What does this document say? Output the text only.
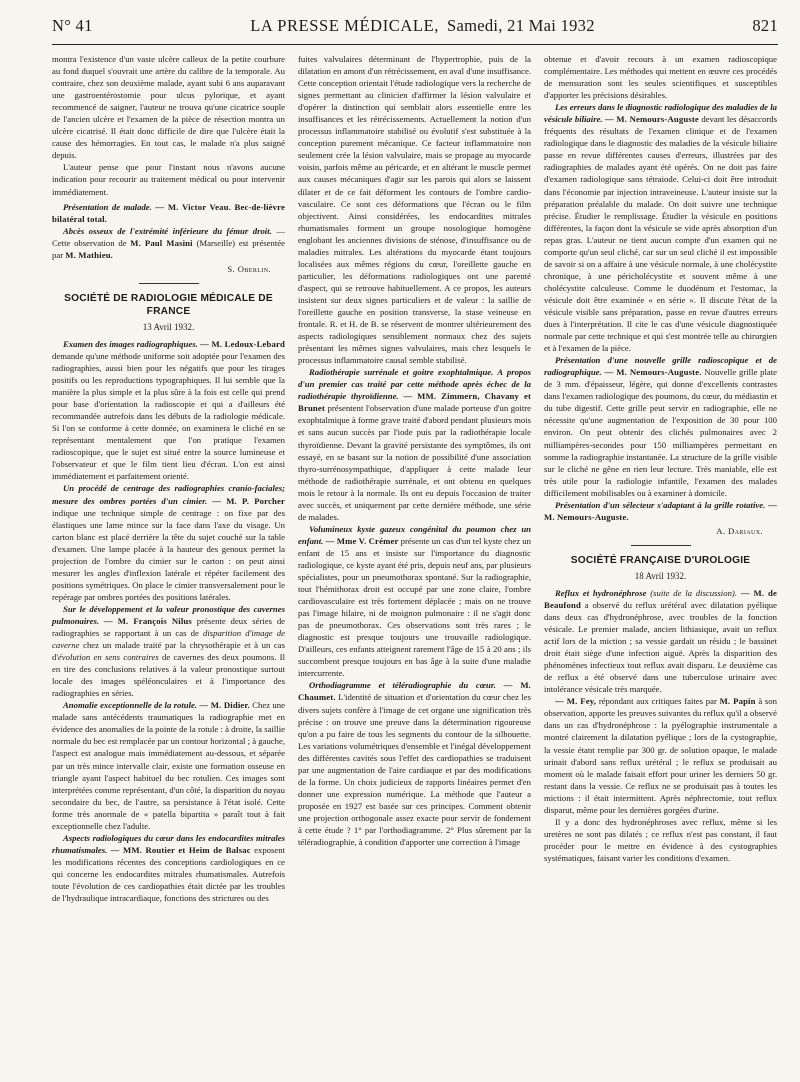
N° 41	LA PRESSE MÉDICALE, Samedi, 21 Mai 1932	821

montra l'existence d'un vaste ulcère calleux de la petite courbure au fond duquel s'ouvrait une artère du calibre de la temporale. Au contraire, chez son deuxième malade, ayant subi 6 ans auparavant une gastroentérostomie pour ulcus pylorique, et ayant recommencé de saigner, l'auteur ne trouva qu'une cicatrice souple de l'ancien ulcère et l'examen de la pièce de résection montra un ulcère cicatrisé. Il était donc difficile de dire que l'ulcère était la cause des hémorragies. En tout cas, le malade n'a plus saigné depuis.

L'auteur pense que pour l'instant nous n'avons aucune indication pour recourir au traitement médical ou pour intervenir immédiatement.

Présentation de malade. — M. Victor Veau. Bec-de-lièvre bilatéral total.

Abcès osseux de l'extrémité inférieure du fémur droit. — Cette observation de M. Paul Masini (Marseille) est présentée par M. Mathieu.

S. Oberlin.
SOCIÉTÉ DE RADIOLOGIE MÉDICALE DE FRANCE
13 Avril 1932.

Examen des images radiographiques. — M. Ledoux-Lebard demande qu'une méthode uniforme soit adoptée pour l'examen des radiographies, aussi bien pour les négatifs que pour les tirages positifs ou les reproductions typographiques. Il lui semble que la manière la plus simple et la plus sûre à la fois est celle qui prend pour base d'orientation la radioscopie et qui a d'ailleurs été recommandée autrefois dans les débuts de la radiologie médicale. Si l'on se conforme à cette donnée, on examinera le cliché en se représentant mentalement que l'on pratique l'examen radioscopique, que le sujet est situé entre la source lumineuse et l'observateur et que le film tient lieu d'écran. L'on est ainsi immédiatement et parfaitement orienté.

Un procédé de centrage des radiographies cranio-faciales; mesure des ombres portées d'un cimier. — M. P. Porcher indique une technique simple de centrage : on fixe par des élastiques une lame mince sur la face dans l'axe du visage. Un carton blanc est placé derrière la tête du sujet couché sur la table d'examen. Une lampe placée à la hauteur des genoux permet la projection de l'ombre du cimier sur le carton : on peut ainsi mesurer les angles d'inflexion latérale et répéter facilement des positions symétriques. On place le cimier transversalement pour le repérage par ombres portées des positions latérales.

Sur le développement et la valeur pronostique des cavernes pulmonaires. — M. François Nilus présente deux séries de radiographies se rapportant à un cas de disparition d'image de caverne chez un malade traité par la chrysothérapie et à un cas d'évolution en sens contraires de cavernes des deux poumons. Il en tire des conclusions relatives à la valeur pronostique surtout locale des images spéléonculaires et à l'importance des radiographies en séries.

Anomalie exceptionnelle de la rotule. — M. Didier. Chez une malade sans antécédents traumatiques la radiographie met en évidence des anomalies de la pointe de la rotule : à droite, la saillie normale du bec est remplacée par un contour horizontal ; à gauche, l'aspect est analogue mais immédiatement au-dessous, et séparée par un très mince intervalle clair, existe une formation osseuse en triangle ayant l'aspect habituel du bec rotulien. Ces images sont interprétées comme représentant, d'un côté, la disparition du noyau secondaire du bec, de l'autre, sa persistance à l'état isolé. Cette forme très anormale de « patella bipartita » paraît tout à fait exceptionnelle chez l'adulte.

Aspects radiologiques du cœur dans les endocardites mitrales rhumatismales. — MM. Routier et Heim de Balsac exposent les modifications récentes des conceptions cardiologiques en ce qui concerne les endocardites mitrales rhumatismales. Autrefois toute l'évolution de ces cardiopathies était dictée par les troubles de l'hydraulique intracardiaque, fonctions des strictures ou des

fuites valvulaires déterminant de l'hypertrophie, puis de la dilatation en amont d'un rétrécissement, en aval d'une insuffisance. Cette conception orientait l'étude radiologique vers la recherche de signes permettant au clinicien d'affirmer la lésion valvulaire et d'opérer la distinction qui semblait alors essentielle entre les insuffisances et les rétrécissements. Actuellement la notion d'un processus inflammatoire stabilisé ou évolutif s'est substituée à la conception purement mécanique. Ce facteur inflammatoire non seulement crée la lésion valvulaire, mais se propage au myocarde voisin, parfois même au péricarde, et en altérant le muscle permet aux causes mécaniques d'agir sur les parois qui alors se laissent dilater et de ce fait déforment les contours de l'ombre cardio-vasculaire. Ce sont ces déformations que l'écran ou le film objectivent. Ainsi considérées, les endocardites mitrales rhumatismales forment un groupe nosologique homogène englobant les anciennes divisions de sténose, d'insuffisance ou de maladies mitrales. Les altérations du myocarde étant toujours localisées aux mêmes régions du cœur, l'oreillette gauche en particulier, les déformations radiologiques ont une parenté d'aspect, qui se retrouve habituellement. A ce propos, les auteurs insistent sur deux signes particuliers et de valeur : la saillie de l'oreillette gauche en position transverse, la stase veineuse en frontale. R. et H. de B. se réservent de montrer ultérieurement des aspects radiologiques sensiblement normaux chez des sujets présentant les mêmes signes valvulaires, mais chez lesquels le processus inflammatoire causal semble stabilisé.

Radiothérapie surrénale et goitre exophtalmique. A propos d'un premier cas traité par cette méthode après échec de la radiothérapie thyroïdienne. — MM. Zimmern, Chavany et Brunet présentent l'observation d'une malade porteuse d'un goitre exophtalmique à forme grave traité d'abord pendant plusieurs mois et sans aucun succès par l'iode puis par la radiothérapie locale thyroïdienne. Devant la gravité persistante des symptômes, ils ont essayé, en se basant sur la notion de possibilité d'une association thyro-surrénosympathique, d'appliquer à cette malade leur méthode de radiothérapie surrénale, et ont obtenu en quelques mois le retour à la normale. Ils ont eu depuis l'occasion de traiter avec succès, et uniquement par cette dernière méthode, une série de malades.

Volumineux kyste gazeux congénital du poumon chez un enfant. — Mme V. Crémer présente un cas d'un tel kyste chez un enfant de 15 ans et insiste sur l'importance du diagnostic radiologique, ce kyste ayant été pris, depuis neuf ans, par plusieurs spécialistes, pour un pneumothorax spontané. Sur la radiographie, tout l'hémithorax droit est occupé par une zone claire, l'ombre cardiovasculaire est très fortement déplacée ; mais on ne trouve pas l'image hilaire, ni de moignon pulmonaire : il ne s'agit donc pas de pneumothorax. Ces observations sont très rares ; le diagnostic est presque toujours une trouvaille radiologique. D'ailleurs, ces enfants atteignent rarement l'âge de 15 à 20 ans ; ils succombent presque toujours en bas âge à la suite d'une maladie intercurrente.

Orthodiagramme et téléradiographie du cœur. — M. Chaumet. L'identité de situation et d'orientation du cœur chez les divers sujets confère à l'image de cet organe une signification très précise : on trouve une preuve dans la détermination rigoureuse qu'on a pu faire de tous les segments du contour de la silhouette. Les variations volumétriques d'ensemble et l'inégal développement des différentes cavités sous l'effet des cardiopathies se traduisent par une augmentation de l'aire cardiaque et par des modifications de la forme. Un choix judicieux de rapports linéaires permet d'en donner une expression numérique. La méthode que l'auteur a proposée en 1927 est basée sur ces principes. Comment obtenir une projection orthogonale assez exacte pour servir de fondement à cette étude ? 1° par l'orthodiagramme. 2° Plus sûrement par la téléradiographie, à condition d'apporter une correction à l'image

obtenue et d'avoir recours à un examen radioscopique complémentaire. Les méthodes qui mettent en œuvre ces procédés de mensuration sont les seules scientifiques et susceptibles d'apporter les précisions désirables.

Les erreurs dans le diagnostic radiologique des maladies de la vésicule biliaire. — M. Nemours-Auguste devant les désaccords fréquents des résultats de l'examen clinique et de l'examen radiologique dans le diagnostic des maladies de la vésicule biliaire passe en revue différentes causes d'erreurs, illustrées par des radiographies de malades ayant été opérés. On ne doit pas faire d'examen radiologique sans tétraiode. Celui-ci doit être introduit dans l'économie par injection intraveineuse. L'auteur insiste sur la préparation préalable du malade. On doit suivre une technique précise. Étudier le remplissage. Étudier la vésicule en positions différentes, la façon dont la vésicule se vide après absorption d'un repas gras. L'auteur ne tient aucun compte d'un examen qui ne comporte qu'un seul cliché, car sur un seul cliché il est impossible de savoir si on a affaire à une vésicule normale, à une cholécystite chronique, à une péricholécystite et souvent même à une cholécystite calculeuse. Comme le duodénum et l'estomac, la vésicule doit être examinée « en série ». Il discute l'état de la vésicule visible sans préparation, passe en revue d'autres erreurs dues à l'interprétation. Il cite le cas d'une vésicule diagnostiquée normale par cette technique et qui s'est montrée telle au chirurgien et à l'examen de la pièce.

Présentation d'une nouvelle grille radioscopique et de radiographique. — M. Nemours-Auguste. Nouvelle grille plate de 3 mm. d'épaisseur, légère, qui donne d'excellents contrastes dans l'examen radiologique des poumons, du cœur, du médiastin et du tube digestif. Cette grille peut servir en radiographie, elle ne nécessite qu'une augmentation de l'exposition de 30 pour 100 environ. On peut obtenir des clichés pulmonaires avec 2 milliampères-secondes pour 150 milliampères permettant en somme la radiographie instantanée. La structure de la grille visible sur le cliché ne gêne en rien leur lecture. Très maniable, elle est très utile pour la radiologie infantile, l'examen des malades difficilement mobilisables ou à examiner à domicile.

Présentation d'un sélecteur s'adaptant à la grille rotative. — M. Nemours-Auguste.

A. Dariaux.
SOCIÉTÉ FRANÇAISE D'UROLOGIE
18 Avril 1932.

Reflux et hydronéphrose (suite de la discussion). — M. de Beaufond a observé du reflux urétéral avec dilatation pyélique dans deux cas d'hydronéphrose, avec troubles de la fonction vésicale. Le premier malade, ancien lithiasique, avait un reflux actif lors de la miction ; sa vessie gardait un résidu ; le bassinet droit était siège d'une infection aiguë. Après la disparition des phénomènes infectieux tout reflux avait disparu. Le deuxième cas de reflux a été observé dans une tuberculose urinaire avec intolérance vésicale très marquée.

— M. Fey, répondant aux critiques faites par M. Papin à son observation, apporte les preuves suivantes du reflux qu'il a observé dans un cas d'hydronéphrose : la pyélographie instrumentale a montré clairement la dilatation pyélique ; lors de la cystographie, la vessie étant remplie par 300 gr. de solution opaque, le malade urinait d'abord sans reflux urétéral ; le reflux se produisait au moment où le malade faisait effort pour uriner les derniers 50 gr. restant dans la vessie. Ce reflux ne se produisait pas à toutes les mictions : il était intermittent. Après néphrectomie, tout reflux disparut, même pour les dernières gorgées d'urine.

Il y a donc des hydronéphroses avec reflux, même si les uretères ne sont pas dilatés ; ce reflux n'est pas constant, il faut procéder pour le mettre en évidence à des cystographies systématiques, faisant varier les conditions d'examen.
